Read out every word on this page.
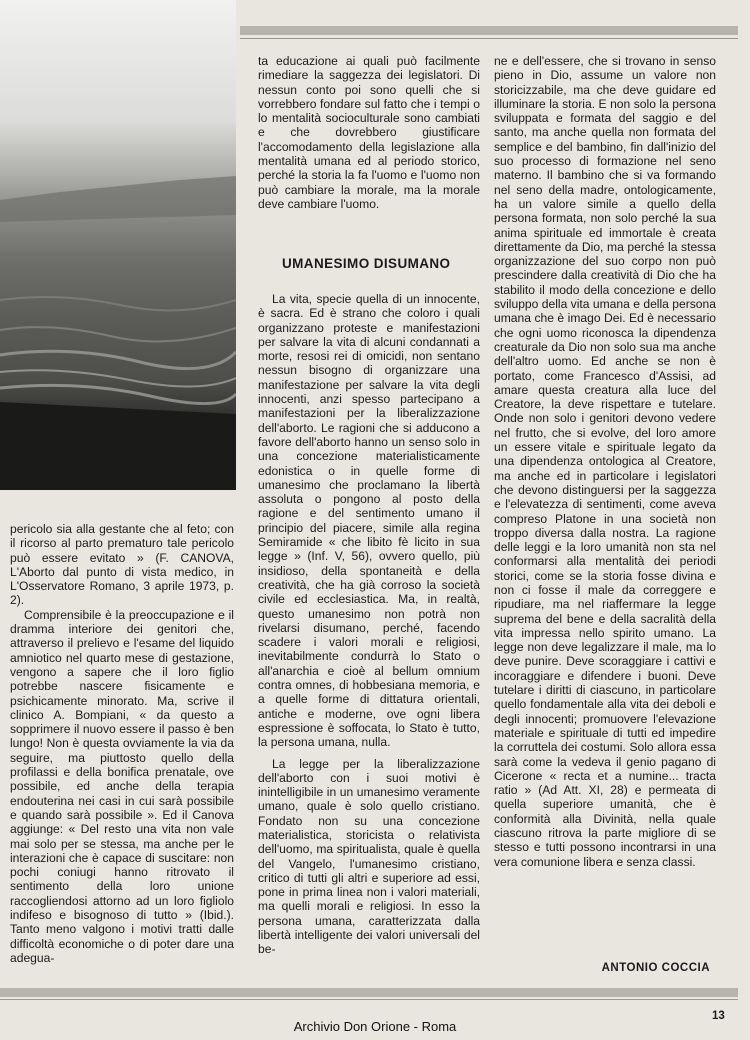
pericolo sia alla gestante che al feto; con il ricorso al parto prematuro tale pericolo può essere evitato » (F. CANOVA, L'Aborto dal punto di vista medico, in L'Osservatore Romano, 3 aprile 1973, p. 2).

Comprensibile è la preoccupazione e il dramma interiore dei genitori che, attraverso il prelievo e l'esame del liquido amniotico nel quarto mese di gestazione, vengono a sapere che il loro figlio potrebbe nascere fisicamente e psichicamente minorato. Ma, scrive il clinico A. Bompiani, « da questo a sopprimere il nuovo essere il passo è ben lungo! Non è questa ovviamente la via da seguire, ma piuttosto quello della profilassi e della bonifica prenatale, ove possibile, ed anche della terapia endouterina nei casi in cui sarà possibile e quando sarà possibile ». Ed il Canova aggiunge: « Del resto una vita non vale mai solo per se stessa, ma anche per le interazioni che è capace di suscitare: non pochi coniugi hanno ritrovato il sentimento della loro unione raccogliendosi attorno ad un loro figliolo indifeso e bisognoso di tutto » (Ibid.). Tanto meno valgono i motivi tratti dalle difficoltà economiche o di poter dare una adegua-

ta educazione ai quali può facilmente rimediare la saggezza dei legislatori. Di nessun conto poi sono quelli che si vorrebbero fondare sul fatto che i tempi o lo mentalità socioculturale sono cambiati e che dovrebbero giustificare l'accomodamento della legislazione alla mentalità umana ed al periodo storico, perché la storia la fa l'uomo e l'uomo non può cambiare la morale, ma la morale deve cambiare l'uomo.

UMANESIMO DISUMANO

La vita, specie quella di un innocente, è sacra. Ed è strano che coloro i quali organizzano proteste e manifestazioni per salvare la vita di alcuni condannati a morte, resosi rei di omicidi, non sentano nessun bisogno di organizzare una manifestazione per salvare la vita degli innocenti, anzi spesso partecipano a manifestazioni per la liberalizzazione dell'aborto. Le ragioni che si adducono a favore dell'aborto hanno un senso solo in una concezione materialisticamente edonistica o in quelle forme di umanesimo che proclamano la libertà assoluta o pongono al posto della ragione e del sentimento umano il principio del piacere, simile alla regina Semiramide « che libito fè licito in sua legge » (Inf. V, 56), ovvero quello, più insidioso, della spontaneità e della creatività, che ha già corroso la società civile ed ecclesiastica. Ma, in realtà, questo umanesimo non potrà non rivelarsi disumano, perché, facendo scadere i valori morali e religiosi, inevitabilmente condurrà lo Stato o all'anarchia e cioè al bellum omnium contra omnes, di hobbesiana memoria, e a quelle forme di dittatura orientali, antiche e moderne, ove ogni libera espressione è soffocata, lo Stato è tutto, la persona umana, nulla.

La legge per la liberalizzazione dell'aborto con i suoi motivi è inintelligibile in un umanesimo veramente umano, quale è solo quello cristiano. Fondato non su una concezione materialistica, storicista o relativista dell'uomo, ma spiritualista, quale è quella del Vangelo, l'umanesimo cristiano, critico di tutti gli altri e superiore ad essi, pone in prima linea non i valori materiali, ma quelli morali e religiosi. In esso la persona umana, caratterizzata dalla libertà intelligente dei valori universali del be-

ne e dell'essere, che si trovano in senso pieno in Dio, assume un valore non storicizzabile, ma che deve guidare ed illuminare la storia. E non solo la persona sviluppata e formata del saggio e del santo, ma anche quella non formata del semplice e del bambino, fin dall'inizio del suo processo di formazione nel seno materno. Il bambino che si va formando nel seno della madre, ontologicamente, ha un valore simile a quello della persona formata, non solo perché la sua anima spirituale ed immortale è creata direttamente da Dio, ma perché la stessa organizzazione del suo corpo non può prescindere dalla creatività di Dio che ha stabilito il modo della concezione e dello sviluppo della vita umana e della persona umana che è imago Dei. Ed è necessario che ogni uomo riconosca la dipendenza creaturale da Dio non solo sua ma anche dell'altro uomo. Ed anche se non è portato, come Francesco d'Assisi, ad amare questa creatura alla luce del Creatore, la deve rispettare e tutelare. Onde non solo i genitori devono vedere nel frutto, che si evolve, del loro amore un essere vitale e spirituale legato da una dipendenza ontologica al Creatore, ma anche ed in particolare i legislatori che devono distinguersi per la saggezza e l'elevatezza di sentimenti, come aveva compreso Platone in una società non troppo diversa dalla nostra. La ragione delle leggi e la loro umanità non sta nel conformarsi alla mentalità dei periodi storici, come se la storia fosse divina e non ci fosse il male da correggere e ripudiare, ma nel riaffermare la legge suprema del bene e della sacralità della vita impressa nello spirito umano. La legge non deve legalizzare il male, ma lo deve punire. Deve scoraggiare i cattivi e incoraggiare e difendere i buoni. Deve tutelare i diritti di ciascuno, in particolare quello fondamentale alla vita dei deboli e degli innocenti; promuovere l'elevazione materiale e spirituale di tutti ed impedire la corruttela dei costumi. Solo allora essa sarà come la vedeva il genio pagano di Cicerone « recta et a numine... tracta ratio » (Ad Att. XI, 28) e permeata di quella superiore umanità, che è conformità alla Divinità, nella quale ciascuno ritrova la parte migliore di se stesso e tutti possono incontrarsi in una vera comunione libera e senza classi.

ANTONIO COCCIA
13
Archivio Don Orione - Roma
